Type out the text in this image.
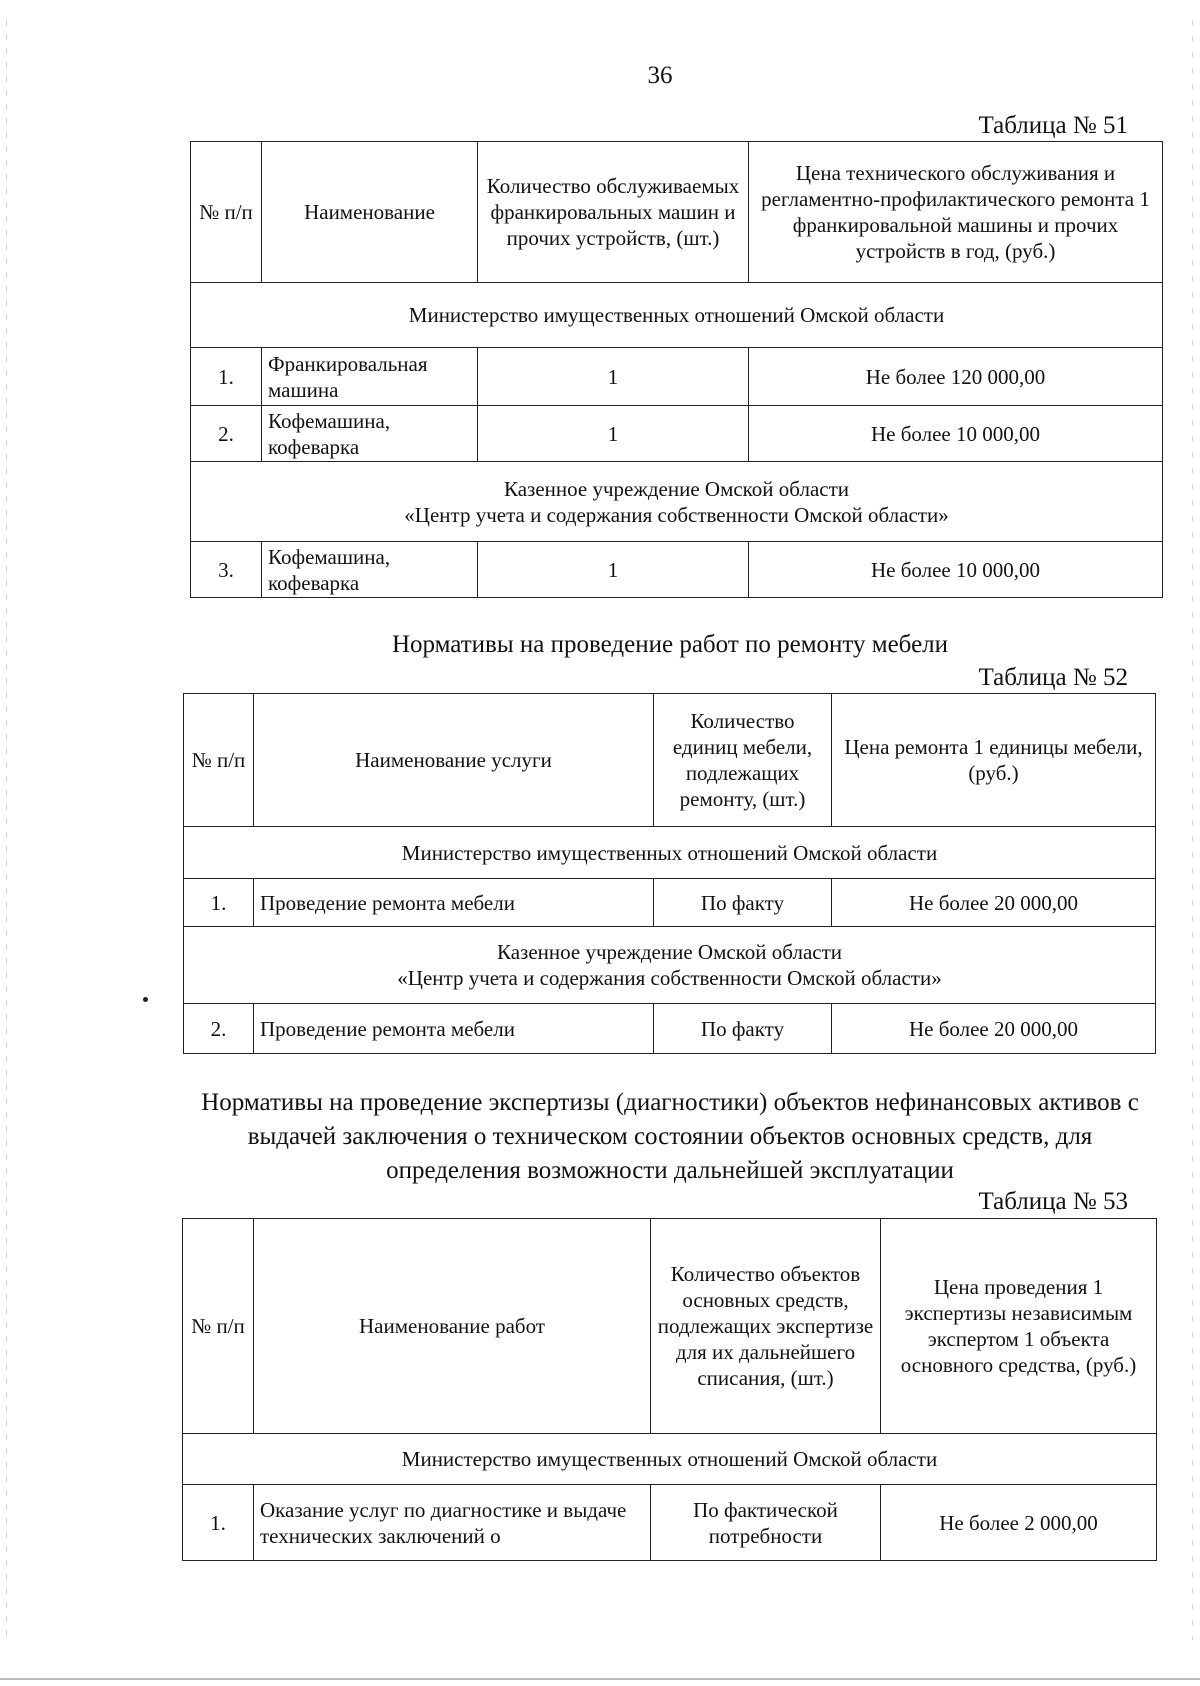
36
Таблица № 51
№ п/п	Наименование	Количество обслуживаемых франкировальных машин и прочих устройств, (шт.)	Цена технического обслуживания и регламентно-профилактического ремонта 1 франкировальной машины и прочих устройств в год, (руб.)
Министерство имущественных отношений Омской области			
1.	Франкировальная машина	1	Не более 120 000,00
2.	Кофемашина, кофеварка	1	Не более 10 000,00

Казенное учреждение Омской области
«Центр учета и содержания собственности Омской области»			

3.	Кофемашина, кофеварка	1	Не более 10 000,00
Нормативы на проведение работ по ремонту мебели
Таблица № 52
№ п/п	Наименование услуги	Количество единиц мебели, подлежащих ремонту, (шт.)	Цена ремонта 1 единицы мебели, (руб.)
Министерство имущественных отношений Омской области			
1.	Проведение ремонта мебели	По факту	Не более 20 000,00

Казенное учреждение Омской области
«Центр учета и содержания собственности Омской области»			

2.	Проведение ремонта мебели	По факту	Не более 20 000,00
Нормативы на проведение экспертизы (диагностики) объектов нефинансовых активов с выдачей заключения о техническом состоянии объектов основных средств, для определения возможности дальнейшей эксплуатации
Таблица № 53
№ п/п	Наименование работ	Количество объектов основных средств, подлежащих экспертизе для их дальнейшего списания, (шт.)	Цена проведения 1 экспертизы независимым экспертом 1 объекта основного средства, (руб.)
Министерство имущественных отношений Омской области			
1.	Оказание услуг по диагностике и выдаче технических заключений о	По фактической потребности	Не более 2 000,00
